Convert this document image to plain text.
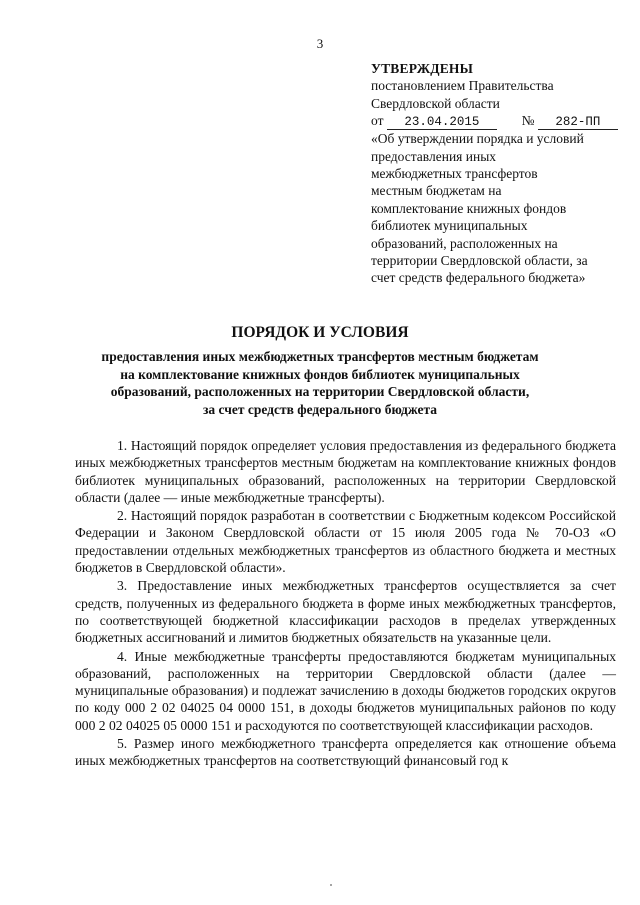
3
УТВЕРЖДЕНЫ
постановлением Правительства
Свердловской области
от 23.04.2015	№ 282-ПП
«Об утверждении порядка и условий
предоставления иных
межбюджетных трансфертов
местным бюджетам на
комплектование книжных фондов
библиотек муниципальных
образований, расположенных на
территории Свердловской области, за
счет средств федерального бюджета»
ПОРЯДОК И УСЛОВИЯ
предоставления иных межбюджетных трансфертов местным бюджетам
на комплектование книжных фондов библиотек муниципальных
образований, расположенных на территории Свердловской области,
за счет средств федерального бюджета

1. Настоящий порядок определяет условия предоставления из федерального бюджета иных межбюджетных трансфертов местным бюджетам на комплектование книжных фондов библиотек муниципальных образований, расположенных на территории Свердловской области (далее — иные межбюджетные трансферты).

2. Настоящий порядок разработан в соответствии с Бюджетным кодексом Российской Федерации и Законом Свердловской области от 15 июля 2005 года № 70-ОЗ «О предоставлении отдельных межбюджетных трансфертов из областного бюджета и местных бюджетов в Свердловской области».

3. Предоставление иных межбюджетных трансфертов осуществляется за счет средств, полученных из федерального бюджета в форме иных межбюджетных трансфертов, по соответствующей бюджетной классификации расходов в пределах утвержденных бюджетных ассигнований и лимитов бюджетных обязательств на указанные цели.

4. Иные межбюджетные трансферты предоставляются бюджетам муниципальных образований, расположенных на территории Свердловской области (далее — муниципальные образования) и подлежат зачислению в доходы бюджетов городских округов по коду 000 2 02 04025 04 0000 151, в доходы бюджетов муниципальных районов по коду 000 2 02 04025 05 0000 151 и расходуются по соответствующей классификации расходов.

5. Размер иного межбюджетного трансферта определяется как отношение объема иных межбюджетных трансфертов на соответствующий финансовый год к
